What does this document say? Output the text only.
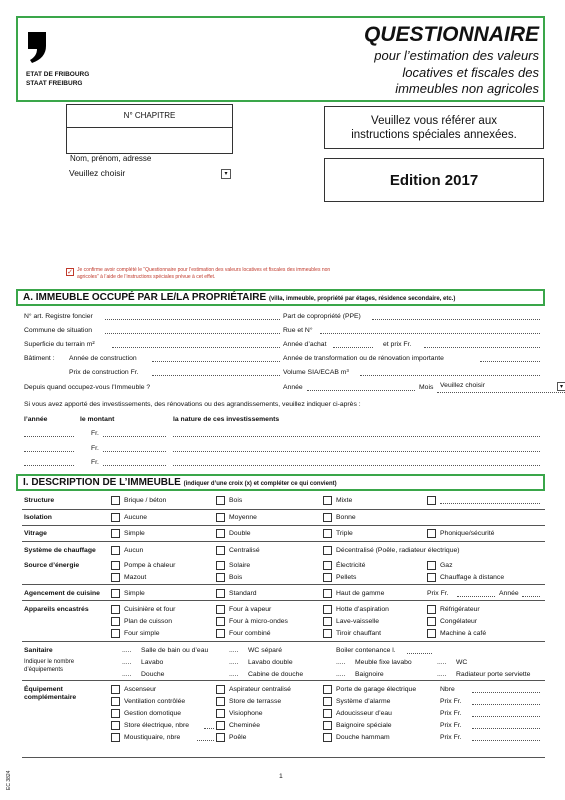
ETAT DE FRIBOURG
STAAT FREIBURG
QUESTIONNAIRE
pour l’estimation des valeurs
locatives et fiscales des
immeubles non agricoles
N° CHAPITRE
Nom, prénom, adresse
Veuillez choisir	▾
Veuillez vous référer aux
instructions spéciales annexées.
Edition 2017
✓ Je confirme avoir complété le “Questionnaire pour l’estimation des valeurs locatives et fiscales des immeubles non
agricoles” à l’aide de l’instructions spéciales prévue à cet effet.
A. IMMEUBLE OCCUPÉ PAR LE/LA PROPRIÉTAIRE (villa, immeuble, propriété par étages, résidence secondaire, etc.)
N° art. Registre foncier	Part de copropriété (PPE)
Commune de situation	Rue et N°
Superficie du terrain m²	Année d’achat	et prix Fr.
Bâtiment : Année de construction	Année de transformation ou de rénovation importante
Prix de construction Fr.	Volume SIA/ECAB m³
Depuis quand occupez-vous l’Immeuble ?	Année	Mois Veuillez choisir	▾
Si vous avez apporté des investissements, des rénovations ou des agrandissements, veuillez indiquer ci-après :
l’année	le montant	la nature de ces investissements
Fr.
Fr.
Fr.
I. DESCRIPTION DE L’IMMEUBLE (indiquer d’une croix (x) et compléter ce qui convient)
Structure	Brique / béton	Bois	Mixte
Isolation	Aucune	Moyenne	Bonne
Vitrage	Simple	Double	Triple	Phonique/sécurité
Système de chauffage	Aucun	Centralisé	Décentralisé (Poêle, radiateur électrique)
Source d’énergie	Pompe à chaleur	Solaire	Électricité	Gaz
Mazout	Bois	Pellets	Chauffage à distance
Agencement de cuisine	Simple	Standard	Haut de gamme	Prix Fr.	Année
Appareils encastrés	Cuisinière et four	Four à vapeur	Hotte d’aspiration	Réfrigérateur
Plan de cuisson	Four à micro-ondes	Lave-vaisselle	Congélateur
Four simple	Four combiné	Tiroir chauffant	Machine à café
Sanitaire
Indiquer le nombre d’équipements
..... Salle de bain ou d’eau	..... WC séparé	Boiler contenance l.
..... Lavabo	..... Lavabo double	..... Meuble fixe lavabo	..... WC
..... Douche	..... Cabine de douche	..... Baignoire	..... Radiateur porte serviette
Équipement complémentaire
Ascenseur	Aspirateur centralisé	Porte de garage électrique	Nbre
Ventilation contrôlée	Store de terrasse	Système d’alarme	Prix Fr.
Gestion domotique	Visiophone	Adoucisseur d’eau	Prix Fr.
Store électrique, nbre	Cheminée	Baignoire spéciale	Prix Fr.
Moustiquaire, nbre	Poêle	Douche hammam	Prix Fr.
1
EC 3824
